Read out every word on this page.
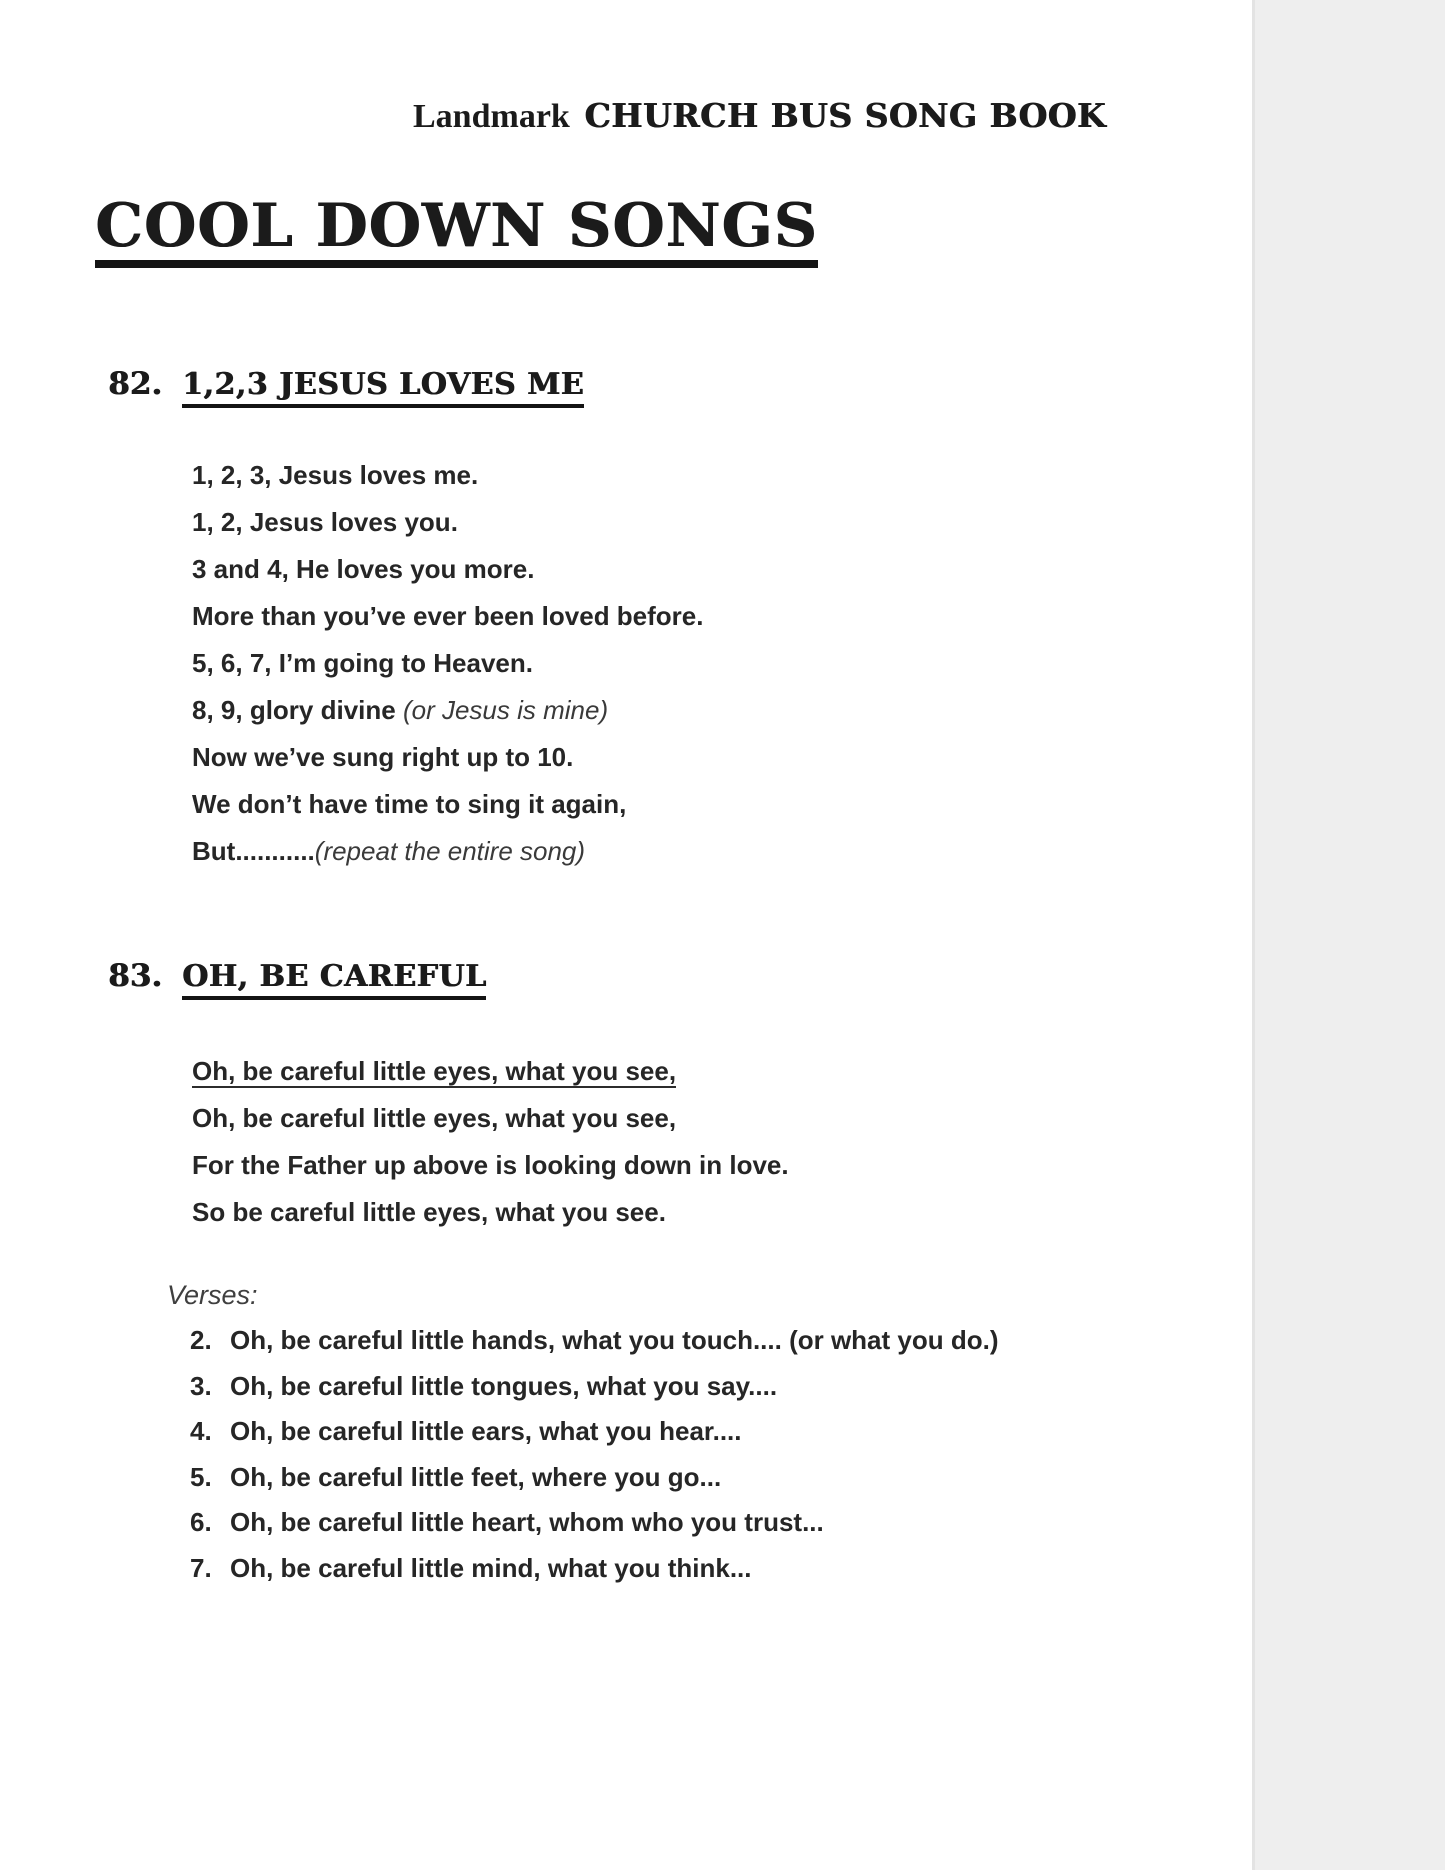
Landmark CHURCH BUS SONG BOOK
COOL DOWN SONGS
82. 1,2,3 JESUS LOVES ME
1, 2, 3, Jesus loves me.
1, 2, Jesus loves you.
3 and 4, He loves you more.
More than you’ve ever been loved before.
5, 6, 7, I’m going to Heaven.
8, 9, glory divine (or Jesus is mine)
Now we’ve sung right up to 10.
We don’t have time to sing it again,
But...........(repeat the entire song)
83. OH, BE CAREFUL
Oh, be careful little eyes, what you see,
Oh, be careful little eyes, what you see,
For the Father up above is looking down in love.
So be careful little eyes, what you see.
Verses:
2. Oh, be careful little hands, what you touch.... (or what you do.)
3. Oh, be careful little tongues, what you say....
4. Oh, be careful little ears, what you hear....
5. Oh, be careful little feet, where you go...
6. Oh, be careful little heart, whom who you trust...
7. Oh, be careful little mind, what you think...
